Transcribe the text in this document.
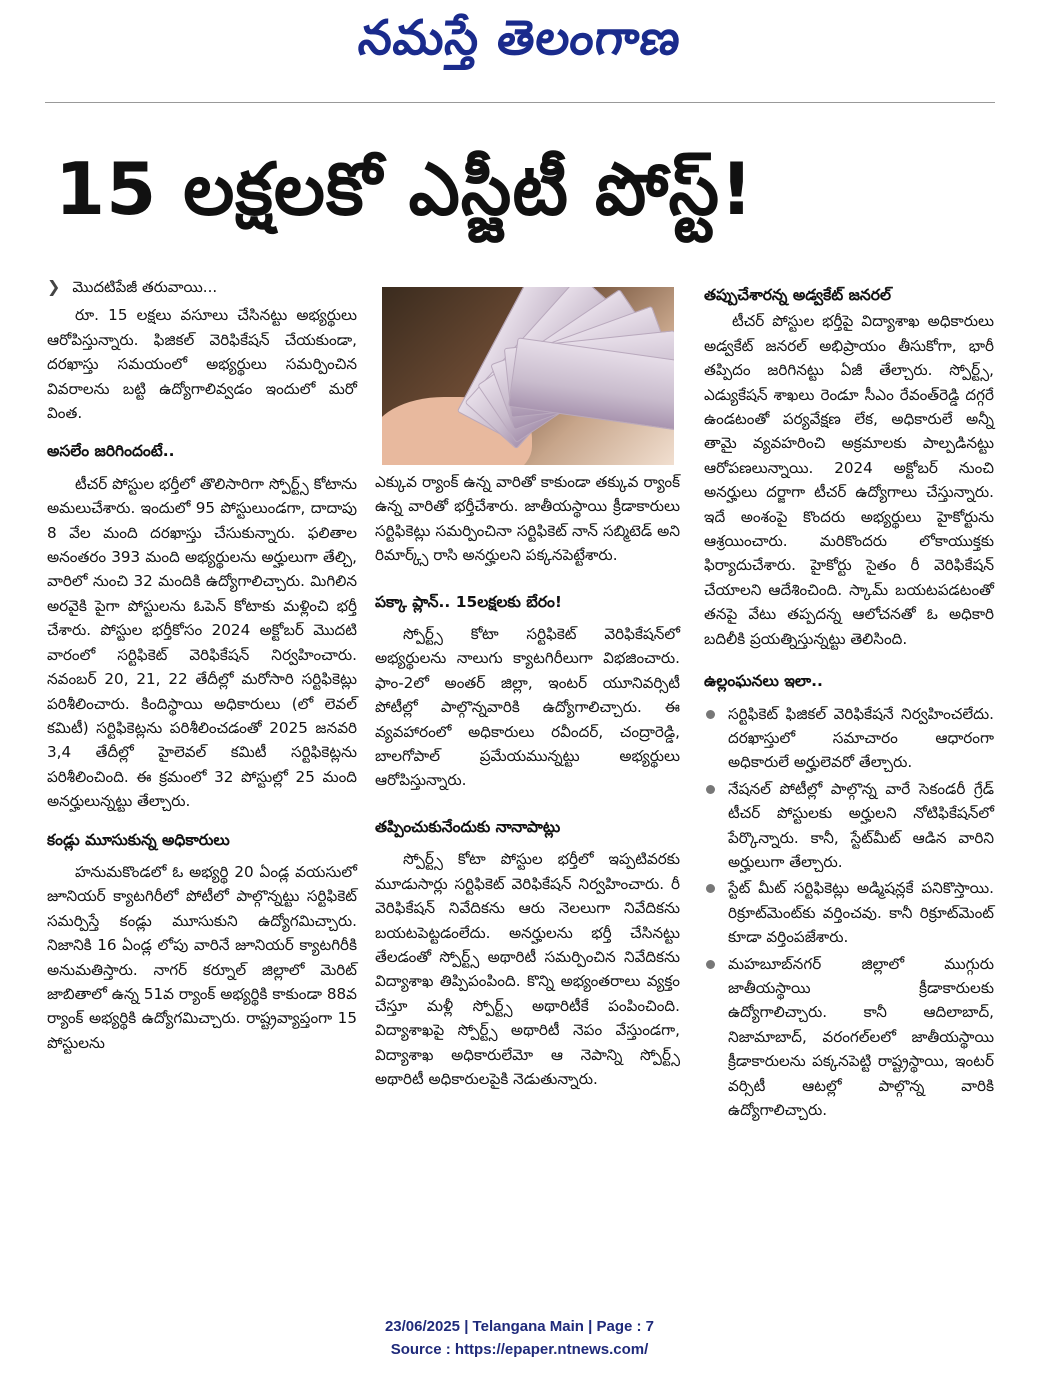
నమస్తే తెలంగాణ
15 లక్షలకో ఎస్జీటీ పోస్ట్!
❯ మొదటిపేజీ తరువాయి...

రూ. 15 లక్షలు వసూలు చేసినట్టు అభ్యర్థులు ఆరోపిస్తున్నారు. ఫిజికల్ వెరిఫికేషన్ చేయకుండా, దరఖాస్తు సమయంలో అభ్యర్థులు సమర్పించిన వివరాలను బట్టి ఉద్యోగాలివ్వడం ఇందులో మరో వింత.

అసలేం జరిగిందంటే..

టీచర్ పోస్టుల భర్తీలో తొలిసారిగా స్పోర్ట్స్ కోటాను అమలుచేశారు. ఇందులో 95 పోస్టులుండగా, దాదాపు 8 వేల మంది దరఖాస్తు చేసుకున్నారు. ఫలితాల అనంతరం 393 మంది అభ్యర్థులను అర్హులుగా తేల్చి, వారిలో నుంచి 32 మందికి ఉద్యోగాలిచ్చారు. మిగిలిన అరవైకి పైగా పోస్టులను ఓపెన్ కోటాకు మళ్లించి భర్తీ చేశారు. పోస్టుల భర్తీకోసం 2024 అక్టోబర్ మొదటి వారంలో సర్టిఫికెట్ వెరిఫికేషన్ నిర్వహించారు. నవంబర్ 20, 21, 22 తేదీల్లో మరోసారి సర్టిఫికెట్లు పరిశీలించారు. కిందిస్థాయి అధికారులు (లో లెవల్ కమిటీ) సర్టిఫికెట్లను పరిశీలించడంతో 2025 జనవరి 3,4 తేదీల్లో హైలెవల్ కమిటీ సర్టిఫికెట్లను పరిశీలించింది. ఈ క్రమంలో 32 పోస్టుల్లో 25 మంది అనర్హులున్నట్టు తేల్చారు.

కండ్లు మూసుకున్న అధికారులు

హనుమకొండలో ఓ అభ్యర్థి 20 ఏండ్ల వయసులో జూనియర్ క్యాటగిరీలో పోటీలో పాల్గొన్నట్టు సర్టిఫికెట్ సమర్పిస్తే కండ్లు మూసుకుని ఉద్యోగమిచ్చారు. నిజానికి 16 ఏండ్ల లోపు వారినే జూనియర్ క్యాటగిరీకి అనుమతిస్తారు. నాగర్ కర్నూల్ జిల్లాలో మెరిట్ జాబితాలో ఉన్న 51వ ర్యాంక్ అభ్యర్థికి కాకుండా 88వ ర్యాంక్ అభ్యర్థికి ఉద్యోగమిచ్చారు. రాష్ట్రవ్యాప్తంగా 15 పోస్టులను

ఎక్కువ ర్యాంక్ ఉన్న వారితో కాకుండా తక్కువ ర్యాంక్ ఉన్న వారితో భర్తీచేశారు. జాతీయస్థాయి క్రీడాకారులు సర్టిఫికెట్లు సమర్పించినా సర్టిఫికెట్ నాన్ సబ్మిటెడ్ అని రిమార్క్స్ రాసి అనర్హులని పక్కనపెట్టేశారు.

పక్కా ప్లాన్.. 15లక్షలకు బేరం!

స్పోర్ట్స్ కోటా సర్టిఫికెట్ వెరిఫికేషన్‌లో అభ్యర్థులను నాలుగు క్యాటగిరీలుగా విభజించారు. ఫాం-2లో అంతర్ జిల్లా, ఇంటర్ యూనివర్సిటీ పోటీల్లో పాల్గొన్నవారికి ఉద్యోగాలిచ్చారు. ఈ వ్యవహారంలో అధికారులు రవీందర్, చంద్రారెడ్డి, బాలగోపాల్ ప్రమేయమున్నట్టు అభ్యర్థులు ఆరోపిస్తున్నారు.

తప్పించుకునేందుకు నానాపాట్లు

స్పోర్ట్స్ కోటా పోస్టుల భర్తీలో ఇప్పటివరకు మూడుసార్లు సర్టిఫికెట్ వెరిఫికేషన్ నిర్వహించారు. రీ వెరిఫికేషన్ నివేదికను ఆరు నెలలుగా నివేదికను బయటపెట్టడంలేదు. అనర్హులను భర్తీ చేసినట్టు తేలడంతో స్పోర్ట్స్ అథారిటీ సమర్పించిన నివేదికను విద్యాశాఖ తిప్పిపంపింది. కొన్ని అభ్యంతరాలు వ్యక్తం చేస్తూ మళ్లీ స్పోర్ట్స్ అథారిటీకే పంపించింది. విద్యాశాఖపై స్పోర్ట్స్ అథారిటీ నెపం వేస్తుండగా, విద్యాశాఖ అధికారులేమో ఆ నెపాన్ని స్పోర్ట్స్ అథారిటీ అధికారులపైకి నెడుతున్నారు.

తప్పుచేశారన్న అడ్వకేట్ జనరల్

టీచర్ పోస్టుల భర్తీపై విద్యాశాఖ అధికారులు అడ్వకేట్ జనరల్ అభిప్రాయం తీసుకోగా, భారీ తప్పిదం జరిగినట్టు ఏజీ తేల్చారు. స్పోర్ట్స్, ఎడ్యుకేషన్ శాఖలు రెండూ సీఎం రేవంత్‌రెడ్డి దగ్గరే ఉండటంతో పర్యవేక్షణ లేక, అధికారులే అన్నీ తామై వ్యవహరించి అక్రమాలకు పాల్పడినట్టు ఆరోపణలున్నాయి. 2024 అక్టోబర్ నుంచి అనర్హులు దర్జాగా టీచర్ ఉద్యోగాలు చేస్తున్నారు. ఇదే అంశంపై కొందరు అభ్యర్థులు హైకోర్టును ఆశ్రయించారు. మరికొందరు లోకాయుక్తకు ఫిర్యాదుచేశారు. హైకోర్టు సైతం రీ వెరిఫికేషన్ చేయాలని ఆదేశించింది. స్కామ్ బయటపడటంతో తనపై వేటు తప్పదన్న ఆలోచనతో ఓ అధికారి బదిలీకి ప్రయత్నిస్తున్నట్టు తెలిసింది.

ఉల్లంఘనలు ఇలా..
సర్టిఫికెట్ ఫిజికల్ వెరిఫికేషనే నిర్వహించలేదు. దరఖాస్తులో సమాచారం ఆధారంగా అధికారులే అర్హులెవరో తేల్చారు.
నేషనల్ పోటీల్లో పాల్గొన్న వారే సెకండరీ గ్రేడ్ టీచర్ పోస్టులకు అర్హులని నోటిఫికేషన్‌లో పేర్కొన్నారు. కానీ, స్టేట్‌మీట్ ఆడిన వారిని అర్హులుగా తేల్చారు.
స్టేట్ మీట్ సర్టిఫికెట్లు అడ్మిషన్లకే పనికొస్తాయి. రిక్రూట్‌మెంట్‌కు వర్తించవు. కానీ రిక్రూట్‌మెంట్ కూడా వర్తింపజేశారు.
మహబూబ్‌నగర్ జిల్లాలో ముగ్గురు జాతీయస్థాయి క్రీడాకారులకు ఉద్యోగాలిచ్చారు. కానీ ఆదిలాబాద్, నిజామాబాద్, వరంగల్‌లలో జాతీయస్థాయి క్రీడాకారులను పక్కనపెట్టి రాష్ట్రస్థాయి, ఇంటర్ వర్సిటీ ఆటల్లో పాల్గొన్న వారికి ఉద్యోగాలిచ్చారు.
23/06/2025 | Telangana Main | Page : 7
Source : https://epaper.ntnews.com/
